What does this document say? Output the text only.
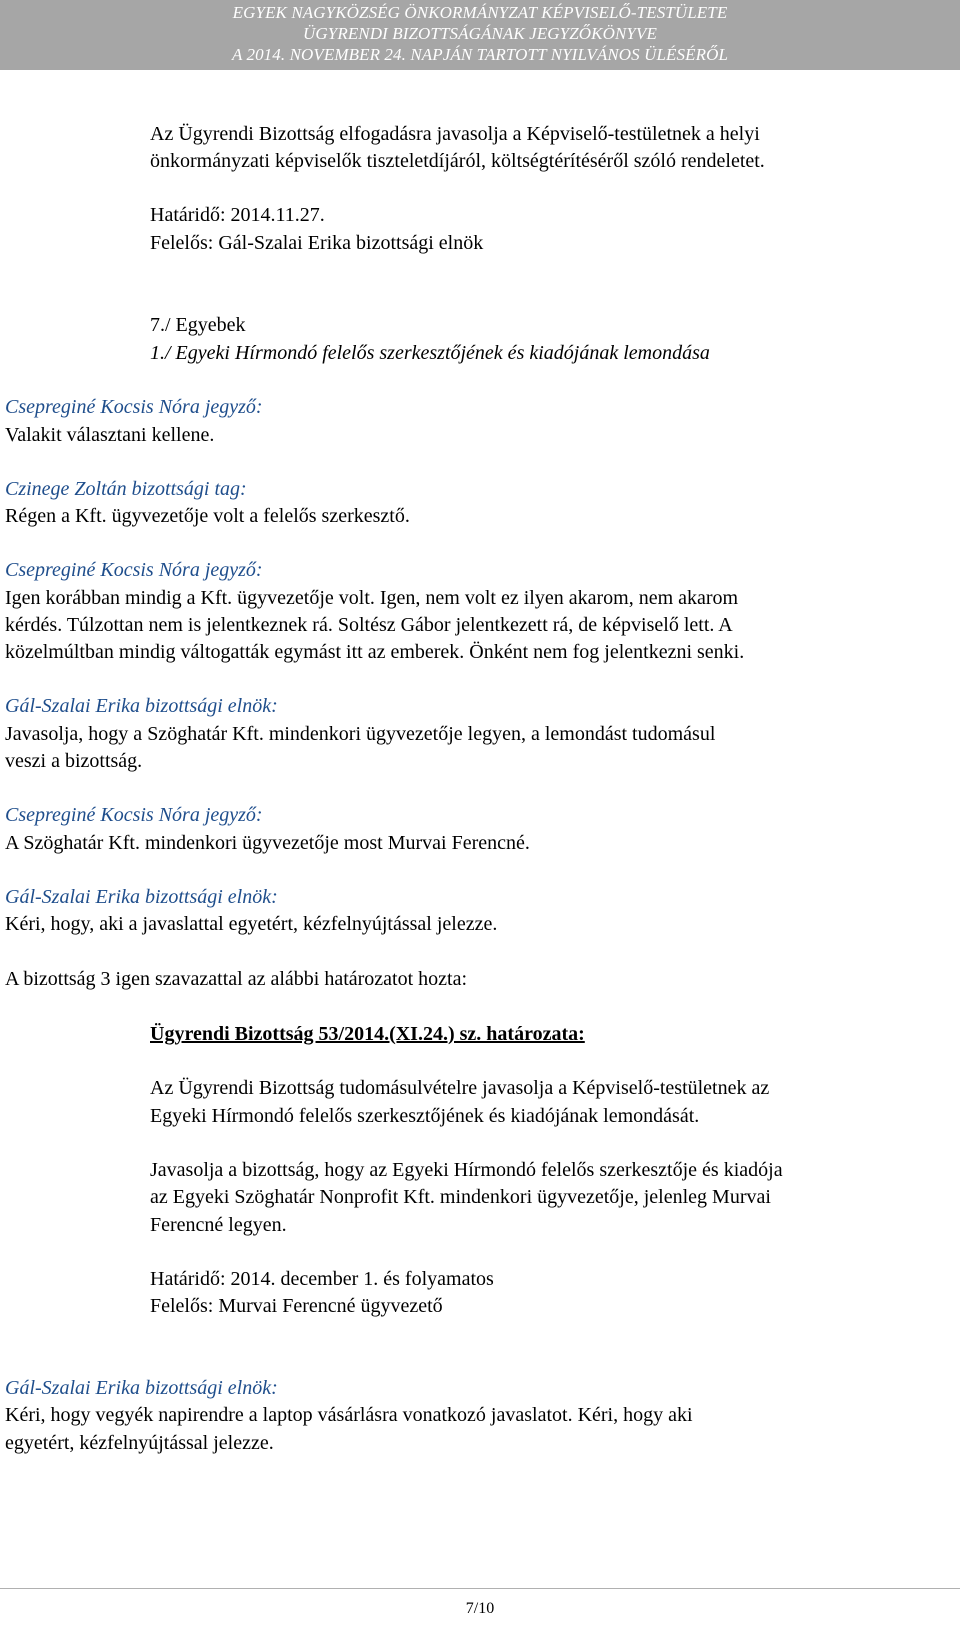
EGYEK NAGYKÖZSÉG ÖNKORMÁNYZAT KÉPVISELŐ-TESTÜLETE
ÜGYRENDI BIZOTTSÁGÁNAK JEGYZŐKÖNYVE
A 2014. NOVEMBER 24. NAPJÁN TARTOTT NYILVÁNOS ÜLÉSÉRŐL
Az Ügyrendi Bizottság elfogadásra javasolja a Képviselő-testületnek a helyi
önkormányzati képviselők tiszteletdíjáról, költségtérítéséről szóló rendeletet.
Határidő: 2014.11.27.
Felelős: Gál-Szalai Erika bizottsági elnök
7./ Egyebek
1./ Egyeki Hírmondó felelős szerkesztőjének és kiadójának lemondása
Csepreginé Kocsis Nóra jegyző:
Valakit választani kellene.
Czinege Zoltán bizottsági tag:
Régen a Kft. ügyvezetője volt a felelős szerkesztő.
Csepreginé Kocsis Nóra jegyző:
Igen korábban mindig a Kft. ügyvezetője volt. Igen, nem volt ez ilyen akarom, nem akarom
kérdés. Túlzottan nem is jelentkeznek rá. Soltész Gábor jelentkezett rá, de képviselő lett. A
közelmúltban mindig váltogatták egymást itt az emberek. Önként nem fog jelentkezni senki.
Gál-Szalai Erika bizottsági elnök:
Javasolja, hogy a Szöghatár Kft. mindenkori ügyvezetője legyen, a lemondást tudomásul
veszi a bizottság.
Csepreginé Kocsis Nóra jegyző:
A Szöghatár Kft. mindenkori ügyvezetője most Murvai Ferencné.
Gál-Szalai Erika bizottsági elnök:
Kéri, hogy, aki a javaslattal egyetért, kézfelnyújtással jelezze.
A bizottság 3 igen szavazattal az alábbi határozatot hozta:
Ügyrendi Bizottság 53/2014.(XI.24.) sz. határozata:
Az Ügyrendi Bizottság tudomásulvételre javasolja a Képviselő-testületnek az
Egyeki Hírmondó felelős szerkesztőjének és kiadójának lemondását.
Javasolja a bizottság, hogy az Egyeki Hírmondó felelős szerkesztője és kiadója
az Egyeki Szöghatár Nonprofit Kft. mindenkori ügyvezetője, jelenleg Murvai
Ferencné legyen.
Határidő: 2014. december 1. és folyamatos
Felelős: Murvai Ferencné ügyvezető
Gál-Szalai Erika bizottsági elnök:
Kéri, hogy vegyék napirendre a laptop vásárlásra vonatkozó javaslatot. Kéri, hogy aki
egyetért, kézfelnyújtással jelezze.
7/10
